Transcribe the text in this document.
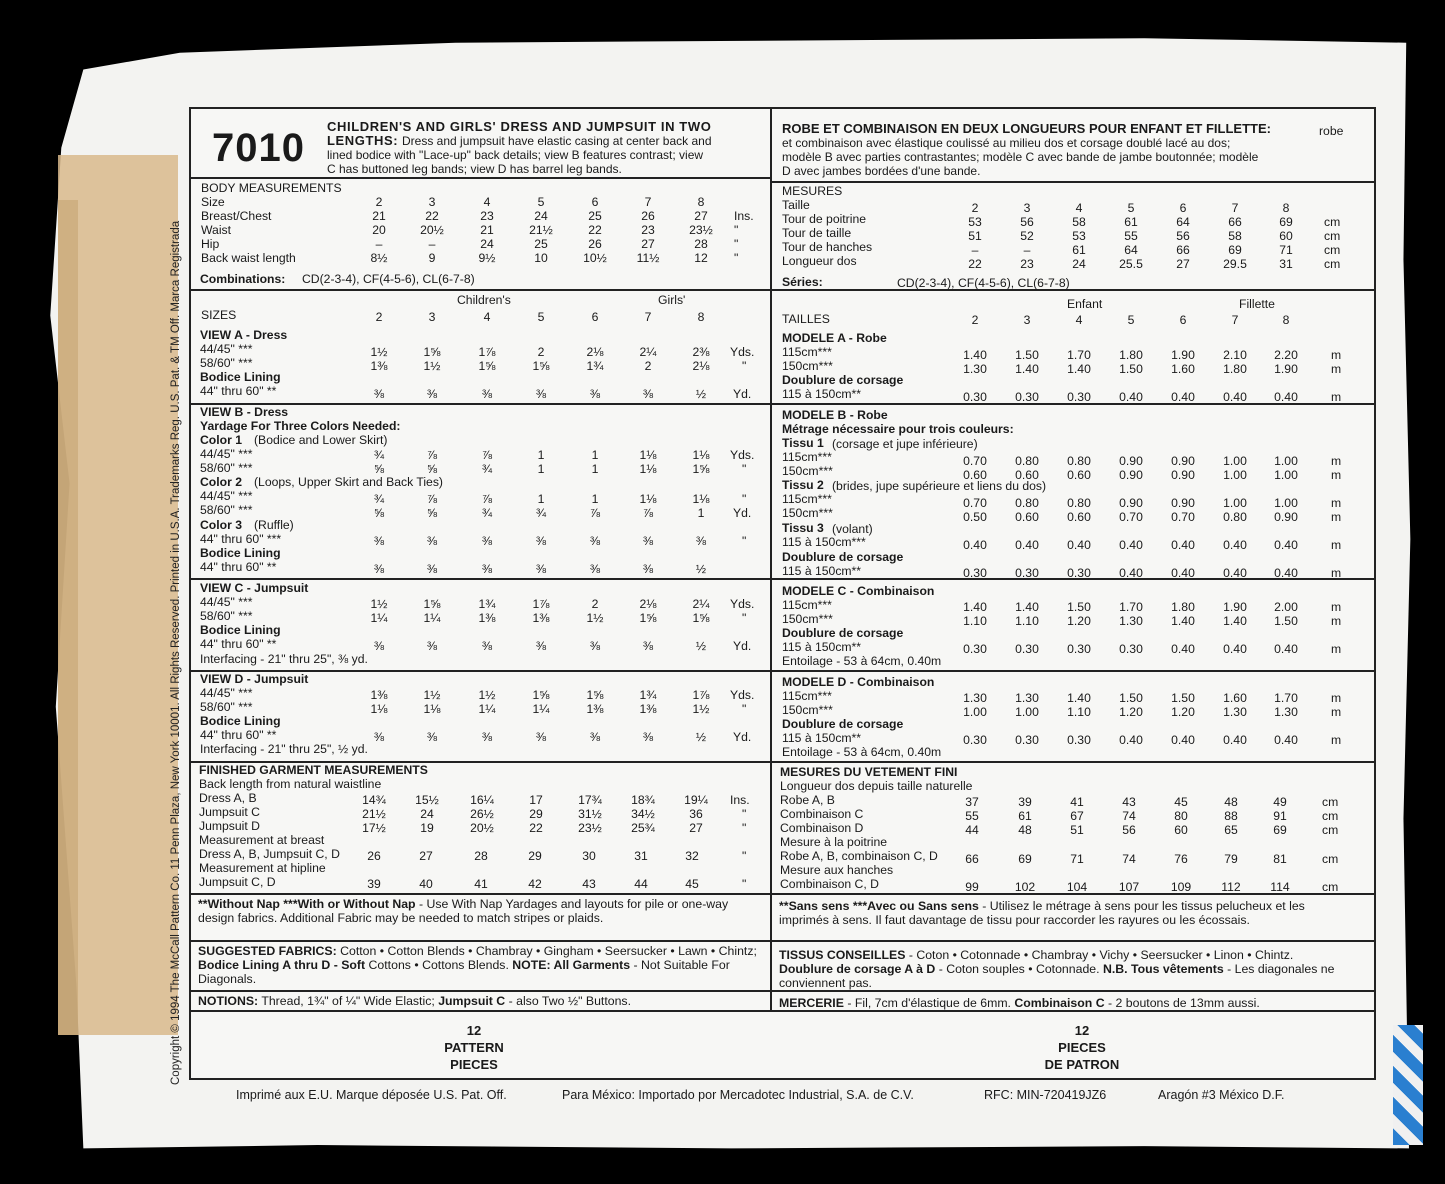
7010 CHILDREN'S AND GIRLS' DRESS AND JUMPSUIT IN TWO
LENGTHS: Dress and jumpsuit have elastic casing at center back and
lined bodice with "Lace-up" back details; view B features contrast; view
C has buttoned leg bands; view D has barrel leg bands.
BODY MEASUREMENTS
Size	2	3	4	5	6	7	8
Breast/Chest	21	22	23	24	25	26	27	Ins.
Waist	20	20½	21	21½	22	23	23½	"
Hip	–	–	24	25	26	27	28	"
Back waist length	8½	9	9½	10	10½	11½	12	"
Combinations: CD(2-3-4), CF(4-5-6), CL(6-7-8)
Children's	Girls'
SIZES	2	3	4	5	6	7	8
VIEW A - Dress
44/45" ***	1½	1⅝	1⅞	2	2⅛	2¼	2⅜	Yds.
58/60" ***	1⅜	1½	1⅝	1⅝	1¾	2	2⅛	"
Bodice Lining
44" thru 60" **	⅜	⅜	⅜	⅜	⅜	⅜	½	Yd.
VIEW B - Dress
Yardage For Three Colors Needed:
Color 1 (Bodice and Lower Skirt)
44/45" ***	¾	⅞	⅞	1	1	1⅛	1⅛	Yds.
58/60" ***	⅝	⅝	¾	1	1	1⅛	1⅝	"
Color 2 (Loops, Upper Skirt and Back Ties)
44/45" ***	¾	⅞	⅞	1	1	1⅛	1⅛	"
58/60" ***	⅝	⅝	¾	¾	⅞	⅞	1	Yd.
Color 3 (Ruffle)
44" thru 60" ***	⅜	⅜	⅜	⅜	⅜	⅜	⅜	"
Bodice Lining
44" thru 60" **	⅜	⅜	⅜	⅜	⅜	⅜	½
VIEW C - Jumpsuit
44/45" ***	1½	1⅝	1¾	1⅞	2	2⅛	2¼	Yds.
58/60" ***	1¼	1¼	1⅜	1⅜	1½	1⅝	1⅝	"
Bodice Lining
44" thru 60" **	⅜	⅜	⅜	⅜	⅜	⅜	½	Yd.
Interfacing - 21" thru 25", ⅜ yd.
VIEW D - Jumpsuit
44/45" ***	1⅜	1½	1½	1⅝	1⅝	1¾	1⅞	Yds.
58/60" ***	1⅛	1⅛	1¼	1¼	1⅜	1⅜	1½	"
Bodice Lining
44" thru 60" **	⅜	⅜	⅜	⅜	⅜	⅜	½	Yd.
Interfacing - 21" thru 25", ½ yd.
FINISHED GARMENT MEASUREMENTS
Back length from natural waistline
Dress A, B	14¾	15½	16¼	17	17¾	18¾	19¼	Ins.
Jumpsuit C	21½	24	26½	29	31½	34½	36	"
Jumpsuit D	17½	19	20½	22	23½	25¾	27	"
Measurement at breast
Dress A, B, Jumpsuit C, D	26	27	28	29	30	31	32	"
Measurement at hipline
Jumpsuit C, D	39	40	41	42	43	44	45	"
ROBE ET COMBINAISON EN DEUX LONGUEURS POUR ENFANT ET FILLETTE:	robe
et combinaison avec élastique coulissé au milieu dos et corsage doublé lacé au dos;
modèle B avec parties contrastantes; modèle C avec bande de jambe boutonnée; modèle
D avec jambes bordées d'une bande.
MESURES
Taille	2	3	4	5	6	7	8
Tour de poitrine	53	56	58	61	64	66	69	cm
Tour de taille	51	52	53	55	56	58	60	cm
Tour de hanches	–	–	61	64	66	69	71	cm
Longueur dos	22	23	24	25.5	27	29.5	31	cm
Séries:	CD(2-3-4), CF(4-5-6), CL(6-7-8)
Enfant	Fillette
TAILLES	2	3	4	5	6	7	8
MODELE A - Robe
115cm***	1.40	1.50	1.70	1.80	1.90	2.10	2.20	m
150cm***	1.30	1.40	1.40	1.50	1.60	1.80	1.90	m
Doublure de corsage
115 à 150cm**	0.30	0.30	0.30	0.40	0.40	0.40	0.40	m
MODELE B - Robe
Métrage nécessaire pour trois couleurs:
Tissu 1 (corsage et jupe inférieure)
115cm***	0.70	0.80	0.80	0.90	0.90	1.00	1.00	m
150cm***	0.60	0.60	0.60	0.90	0.90	1.00	1.00	m
Tissu 2 (brides, jupe supérieure et liens du dos)
115cm***	0.70	0.80	0.80	0.90	0.90	1.00	1.00	m
150cm***	0.50	0.60	0.60	0.70	0.70	0.80	0.90	m
Tissu 3 (volant)
115 à 150cm***	0.40	0.40	0.40	0.40	0.40	0.40	0.40	m
Doublure de corsage
115 à 150cm**	0.30	0.30	0.30	0.40	0.40	0.40	0.40	m
MODELE C - Combinaison
115cm***	1.40	1.40	1.50	1.70	1.80	1.90	2.00	m
150cm***	1.10	1.10	1.20	1.30	1.40	1.40	1.50	m
Doublure de corsage
115 à 150cm**	0.30	0.30	0.30	0.30	0.40	0.40	0.40	m
Entoilage - 53 à 64cm, 0.40m
MODELE D - Combinaison
115cm***	1.30	1.30	1.40	1.50	1.50	1.60	1.70	m
150cm***	1.00	1.00	1.10	1.20	1.20	1.30	1.30	m
Doublure de corsage
115 à 150cm**	0.30	0.30	0.30	0.40	0.40	0.40	0.40	m
Entoilage - 53 à 64cm, 0.40m
MESURES DU VETEMENT FINI
Longueur dos depuis taille naturelle
Robe A, B	37	39	41	43	45	48	49	cm
Combinaison C	55	61	67	74	80	88	91	cm
Combinaison D	44	48	51	56	60	65	69	cm
Mesure à la poitrine
Robe A, B, combinaison C, D	66	69	71	74	76	79	81	cm
Mesure aux hanches
Combinaison C, D	99	102	104	107	109	112	114	cm
**Without Nap ***With or Without Nap - Use With Nap Yardages and layouts for pile or one-way design fabrics. Additional Fabric may be needed to match stripes or plaids.
SUGGESTED FABRICS: Cotton • Cotton Blends • Chambray • Gingham • Seersucker • Lawn • Chintz; Bodice Lining A thru D - Soft Cottons • Cottons Blends. NOTE: All Garments - Not Suitable For Diagonals.
NOTIONS: Thread, 1¾" of ¼" Wide Elastic; Jumpsuit C - also Two ½" Buttons.
**Sans sens ***Avec ou Sans sens - Utilisez le métrage à sens pour les tissus pelucheux et les imprimés à sens. Il faut davantage de tissu pour raccorder les rayures ou les écossais.
TISSUS CONSEILLES - Coton • Cotonnade • Chambray • Vichy • Seersucker • Linon • Chintz. Doublure de corsage A à D - Coton souples • Cotonnade. N.B. Tous vêtements - Les diagonales ne conviennent pas.
MERCERIE - Fil, 7cm d'élastique de 6mm. Combinaison C - 2 boutons de 13mm aussi.
12
PATTERN
PIECES
12
PIECES
DE PATRON
Imprimé aux E.U. Marque déposée U.S. Pat. Off.	Para México: Importado por Mercadotec Industrial, S.A. de C.V.	RFC: MIN-720419JZ6	Aragón #3 México D.F.
